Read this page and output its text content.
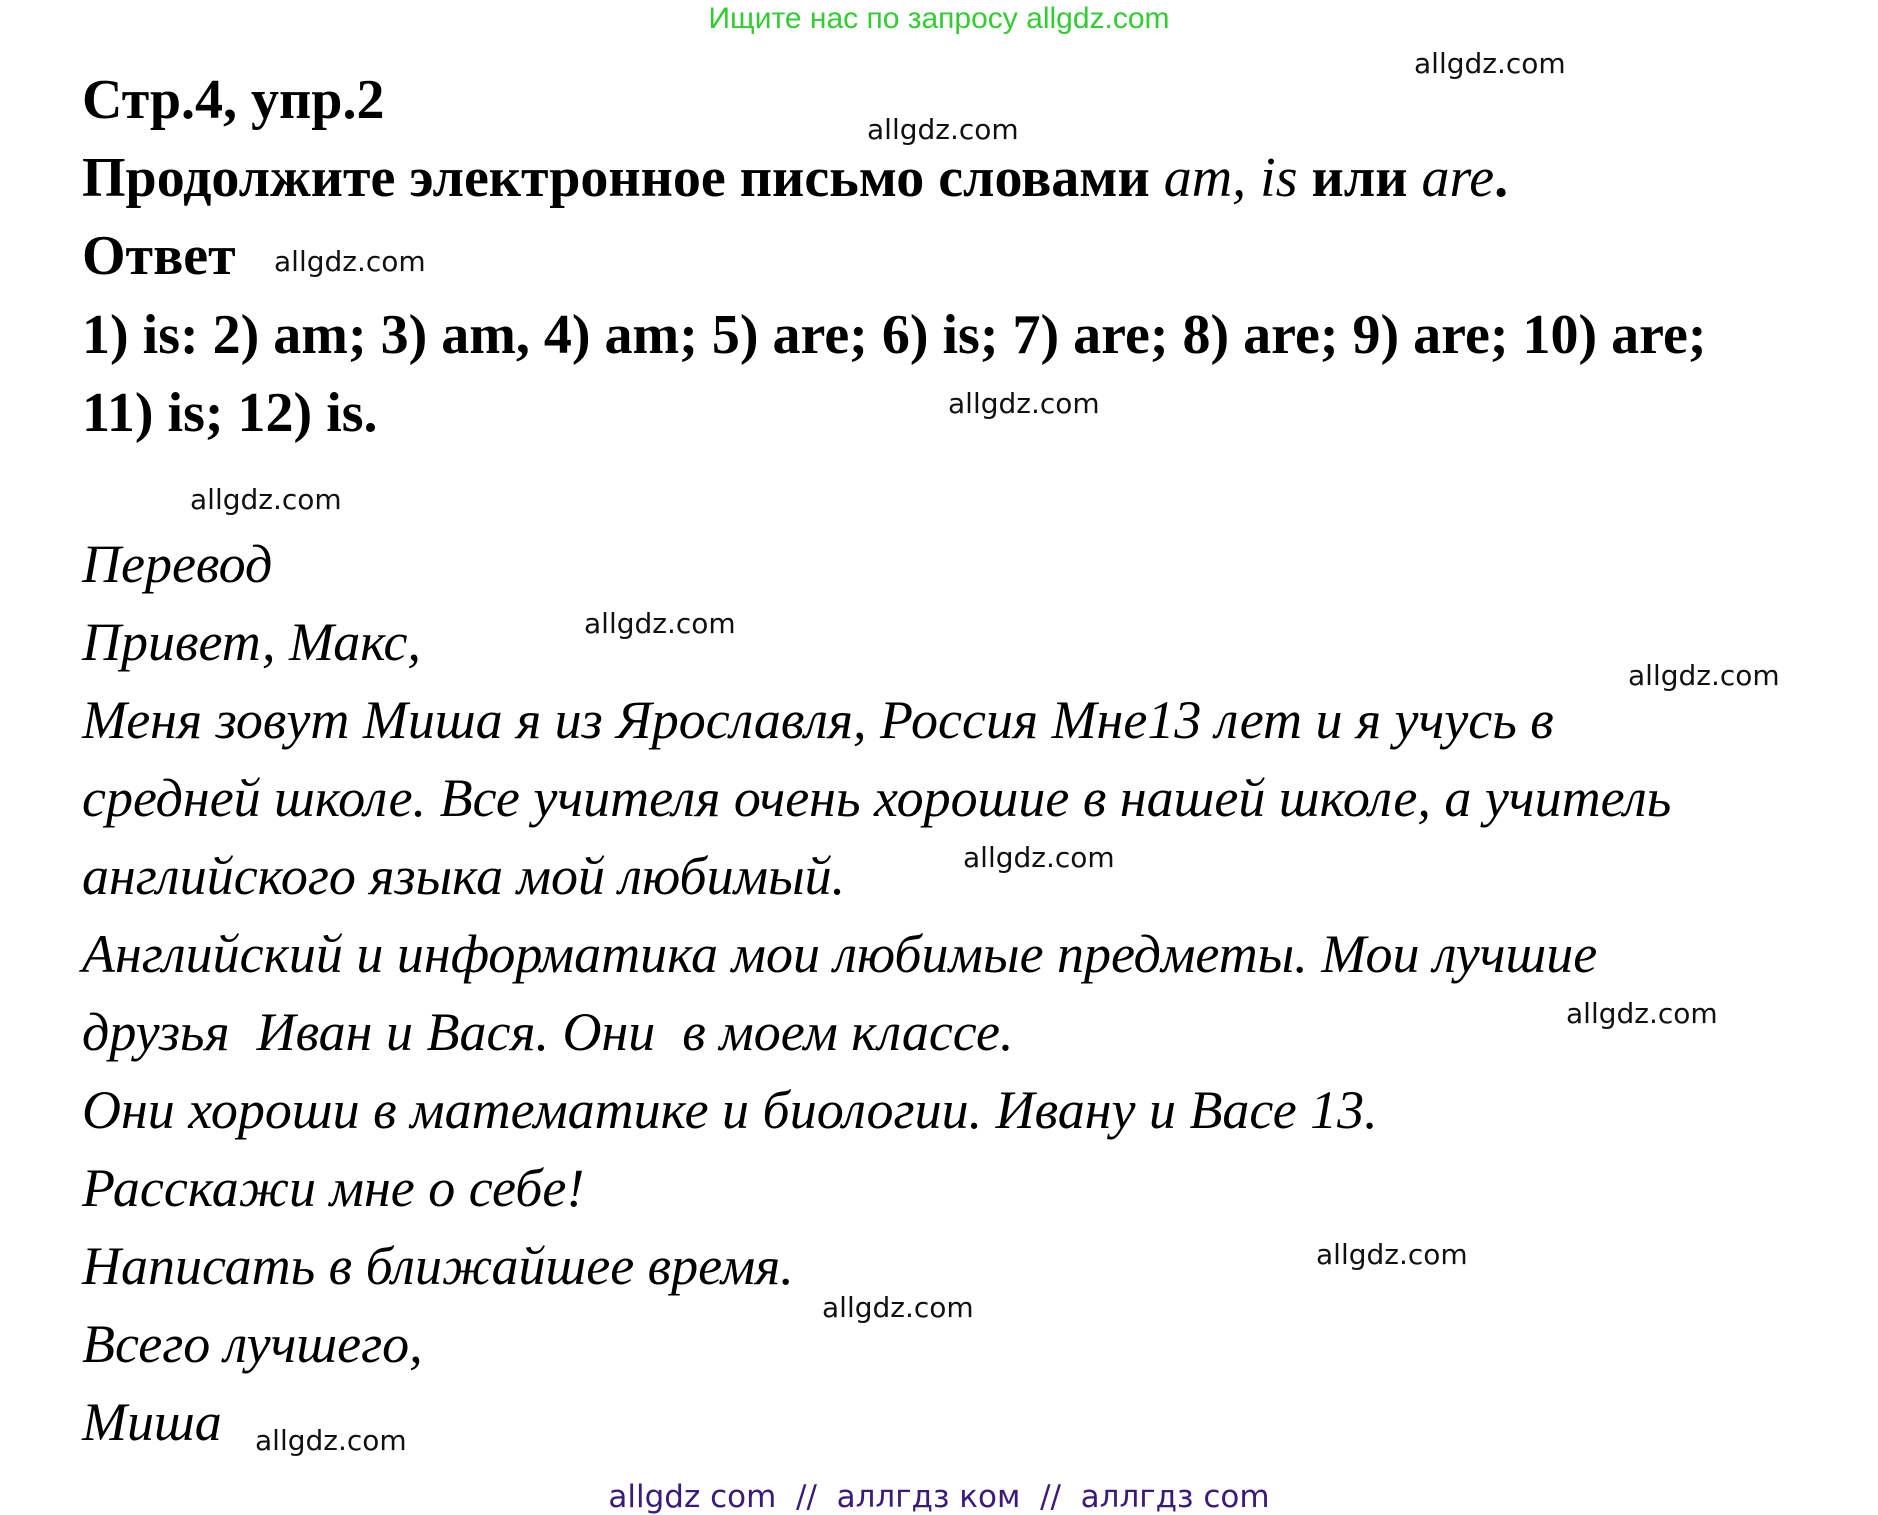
Ищите нас по запросу allgdz.com
allgdz.com
allgdz.com
allgdz.com
allgdz.com
allgdz.com
allgdz.com
allgdz.com
allgdz.com
allgdz.com
allgdz.com
allgdz.com
allgdz.com
Стр.4, упр.2
Продолжите электронное письмо словами am, is или are.
Ответ
1) is: 2) am; 3) am, 4) am; 5) are; 6) is; 7) are; 8) are; 9) are; 10) are;
11) is; 12) is.
Перевод
Привет, Макс,
Меня зовут Миша я из Ярославля, Россия Мне13 лет и я учусь в
средней школе. Все учителя очень хорошие в нашей школе, а учитель
английского языка мой любимый.
Английский и информатика мои любимые предметы. Мои лучшие
друзья  Иван и Вася. Они  в моем классе.
Они хороши в математике и биологии. Ивану и Васе 13.
Расскажи мне о себе!
Написать в ближайшее время.
Всего лучшего,
Миша
allgdz com  //  аллгдз ком  //  аллгдз com
